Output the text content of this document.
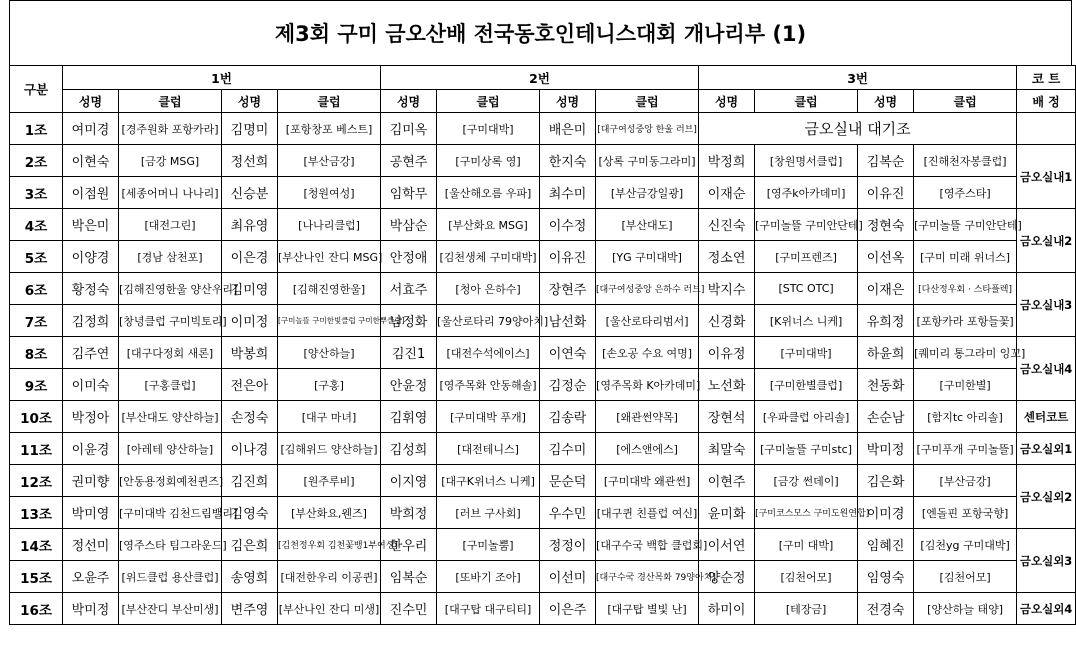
제3회 구미 금오산배 전국동호인테니스대회 개나리부 (1)
구분	1번				2번				3번				코 트
	성명	클럽	성명	클럽	성명	클럽	성명	클럽	성명	클럽	성명	클럽	배 정
1조	여미경	[경주원화 포항카라]	김명미	[포항창포 베스트]	김미옥	[구미대박]	배은미	[대구여성중앙 한울 러브]	금오실내 대기조				
2조	이현숙	[금강 MSG]	정선희	[부산금강]	공현주	[구미상록 영]	한지숙	[상록 구미동그라미]	박정희	[창원명서클럽]	김복순	[진해천자봉클럽]	금오실내1
3조	이점원	[세종어머니 나나리]	신승분	[청원여성]	임학무	[울산해오름 우파]	최수미	[부산금강일광]	이재순	[영주k아카데미]	이유진	[영주스타]	
4조	박은미	[대전그린]	최유영	[나나리클럽]	박삼순	[부산화요 MSG]	이수정	[부산대도]	신진숙	[구미놀뜰 구미안단테]	정현숙	[구미놀뜰 구미안단테]	금오실내2
5조	이양경	[경남 삼천포]	이은경	[부산나인 잔디 MSG]	안정애	[김천생체 구미대박]	이유진	[YG 구미대박]	정소연	[구미프렌즈]	이선옥	[구미 미래 위너스]	
6조	황정숙	[김해진영한울 양산우리]	김미영	[김해진영한울]	서효주	[청아 은하수]	장현주	[대구여성중앙 은하수 러브]	박지수	[STC OTC]	이재은	[다산정우회 · 스타플렉]	금오실내3
7조	김정희	[창녕클럽 구미빅토리]	이미정	[구미놀뜰 구미한빛클럽 구미한뿌클럽]	남정화	[울산로타리 79양아치]	남선화	[울산로타리범서]	신경화	[K위너스 니케]	유희정	[포항카라 포항들꽃]	
8조	김주연	[대구다정회 새론]	박봉희	[양산하늘]	김진1	[대전수석에이스]	이연숙	[손오공 수요 여명]	이유정	[구미대박]	하윤희	[퀘미리 통그라미 잉꼬]	금오실내4
9조	이미숙	[구홍클럽]	전은아	[구홍]	안윤정	[영주목화 안동해솔]	김정순	[영주목화 K아카데미]	노선화	[구미한별클럽]	천동화	[구미한별]	
10조	박정아	[부산대도 양산하늘]	손정숙	[대구 마녀]	김휘영	[구미대박 푸개]	김송락	[왜관썬약목]	장현석	[우파클럽 아리솔]	손순남	[함지tc 아리솔]	센터코트
11조	이윤경	[아레테 양산하늘]	이나경	[김해위드 양산하늘]	김성희	[대전테니스]	김수미	[에스앤에스]	최말숙	[구미놀뜰 구미stc]	박미정	[구미푸개 구미놀뜰]	금오실외1
12조	권미향	[안동용정회예천퀸즈]	김진희	[원주루비]	이지영	[대구K위너스 니케]	문순덕	[구미대박 왜관썬]	이현주	[금강 썬데이]	김은화	[부산금강]	금오실외2
13조	박미영	[구미대박 김천드림밸리]	김영숙	[부산화요,웬즈]	박희정	[러브 구사회]	우수민	[대구퀸 친플럽 여신]	윤미화	[구미코스모스 구미도원연합]	이미경	[엔돌핀 포항국향]	
14조	정선미	[영주스타 팀그라운드]	김은희	[김천정우회 김천꽃뱅1부여성]	한우리	[구미놀뿜]	정정이	[대구수국 백합 클럽회]	이서연	[구미 대박]	임혜진	[김천yg 구미대박]	금오실외3
15조	오윤주	[위드클럽 용산클럽]	송영희	[대전한우리 이공퀸]	임복순	[또바기 조아]	이선미	[대구수국 경산목화 79양아치]	양순정	[김천어모]	임영숙	[김천어모]	
16조	박미정	[부산잔디 부산미생]	변주영	[부산나인 잔디 미생]	진수민	[대구탑 대구티티]	이은주	[대구탑 별빛 난]	하미이	[테장금]	전경숙	[양산하늘 태양]	금오실외4
